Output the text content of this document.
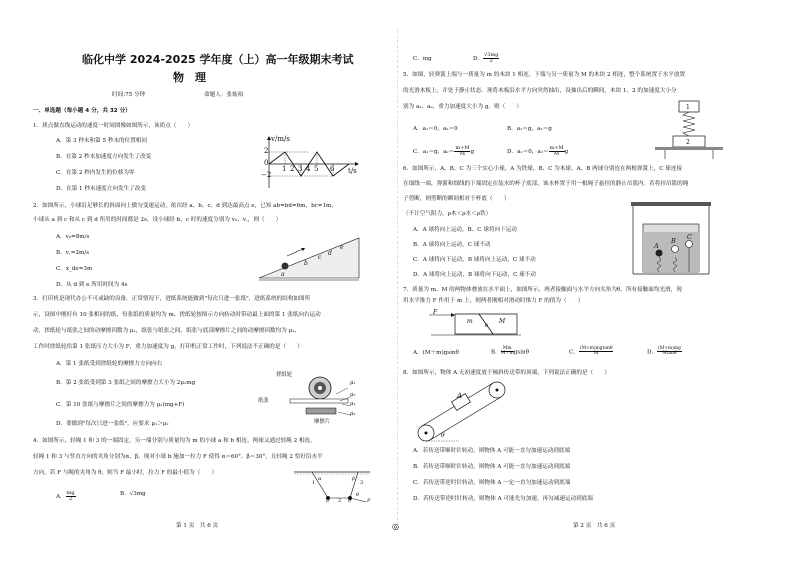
◎
临化中学 2024-2025 学年度（上）高一年级期末考试
物　理
时间:75 分钟	命题人：张灿裕
一、单选题（每小题 4 分，共 32 分）
1．质点做直线运动的速度一时间图像如图所示，该质点（　　）
A．第 3 秒末和第 5 秒末的位置相同
B．在第 2 秒末加速度方向发生了改变
C．在第 2 秒内发生的位移为零
D．在第 1 秒末速度方向发生了改变
v/m/s
t/s
2
0
−2
1 2 3 4 5 6
2．如图所示，小球沿足够长的斜面向上做匀变速运动，依次经 a、b、c、d 到达最高点 e，已知 ab=bd=6m，bc=1m，
小球从 a 到 c 和从 c 到 d 所用的时间都是 2s，设小球经 b、c 时的速度分别为 v₀、v꜀，则（　　）
A．v₀=8m/s
B．v꜀=2m/s
C．x_de=3m
D．从 d 到 e 所用时间为 4s
a
b
c
d
e
3．打印机是现代办公不可或缺的设备，正常情况下，进纸系统能做到"每次只进一张纸"，进纸系统的结构如图所
示，设图中刚好有 10 张相同的纸，每张纸的质量均为 m，搓纸轮按图示方向转动时带动最上面的第 1 张纸向右运动
动，搓纸轮与纸张之间的动摩擦因数为 μ₁，纸张与纸张之间、纸张与底部摩擦片之间的动摩擦因数均为 μ₂，
工作时搓纸轮给第 1 张纸压力大小为 F，重力加速度为 g，打印机正常工作时，下列说法不正确的是（　　）
A．第 1 张纸受到搓纸轮的摩擦力方向向右
B．第 2 张纸受到第 3 张纸之间的摩擦力大小为 2μ₂mg
C．第 10 张纸与摩擦片之间的摩擦力为 μ₂(mg+F)
D．要做到"每次只进一张纸"，应要求 μ₁＞μ₂
搓纸轮
纸张
摩擦片
μ₁
μ₂
μ₂
μ₂
4．如图所示，轻绳 1 和 3 的一端固定，另一端分别与质量均为 m 的小球 a 和 b 相连，两球又通过轻绳 2 相连，
轻绳 1 和 3 与竖直方向的夹角分别为α、β，现对小球 b 施加一拉力 F 使得 α＝60°、β＝30°，且轻绳 2 恰好沿水平
方向，若 F 与绳的夹角为 θ，则当 F 最小时，拉力 F 的最小值为（　　）
A． $\frac{mg}{2}$	B．√3mg
1
α
3
β
a 2 b	F
θ
第 1 页　共 6 页
C．mg	D． $\frac{√3mg}{2}$
5．如图，轻弹簧上端与一质量为 m 的木块 1 相连，下端与另一质量为 M 的木块 2 相连，整个系统置于水平放置
的光滑木板上，并处于静止状态。现将木板沿水平方向突然抽出，设抽出后的瞬间，木块 1、2 的加速度大小分
别为 a₁、a₂，重力加速度大小为 g。则（　　）
A．a₁＝0，a₂＝0	B．a₁＝g，a₂＝g
C．a₁＝g，$a_2= \frac{m+M}{M}$ g	D．a₁＝0，$a_2= \frac{m+M}{M}$ g
1
2
6．如图所示，A、B、C 为三个实心小球，A 为铁球，B、C 为木球。A、B 两球分别连在两根弹簧上，C 球连接
在细线一端，弹簧和细线的下端固定在装水的杯子底部，该水杯置于用一根绳子悬挂的静止吊篮内。若将挂吊篮的绳
子剪断，则剪断的瞬间相对于杯底（　　）
（不计空气阻力，ρ木＜ρ水＜ρ铁）
A．A 球将向上运动，B、C 球将向下运动
B．A 球将向上运动，C 球不动
C．A 球将向下运动，B 球将向上运动，C 球不动
D．A 球将向上运动，B 球将向下运动，C 球不动
A
B C
7．质量为 m、M 的两物体叠放在水平面上，如图所示，两者接触面与水平方向夹角为θ，所有接触面均光滑，现
用水平推力 F 作用于 m 上，则两者刚相对滑动时推力 F 的值为（　　）
F
m	M
θ
A．(M＋m)gsinθ	B． $\frac{Mm}{M+m}$ gsinθ	C． $\frac{(M+m)mgtan\theta}{M}$	D． $\frac{(M+m)mg}{Mtan\theta}$
8．如图所示，物体 A 无初速度放于倾斜传送带的顶端，下列说法正确的是（　　）
A
θ
A．若传送带顺时针转动，则物体 A 可能一直匀加速运动到底端
B．若传送带顺时针转动，则物体 A 可能一直匀加速运动到底端
C．若传送带逆时针转动，则物体 A 一定一直匀加速运动到底端
D．若传送带逆时针转动，则物体 A 可能先匀加速，再匀减速运动到底端
第 2 页　共 6 页
